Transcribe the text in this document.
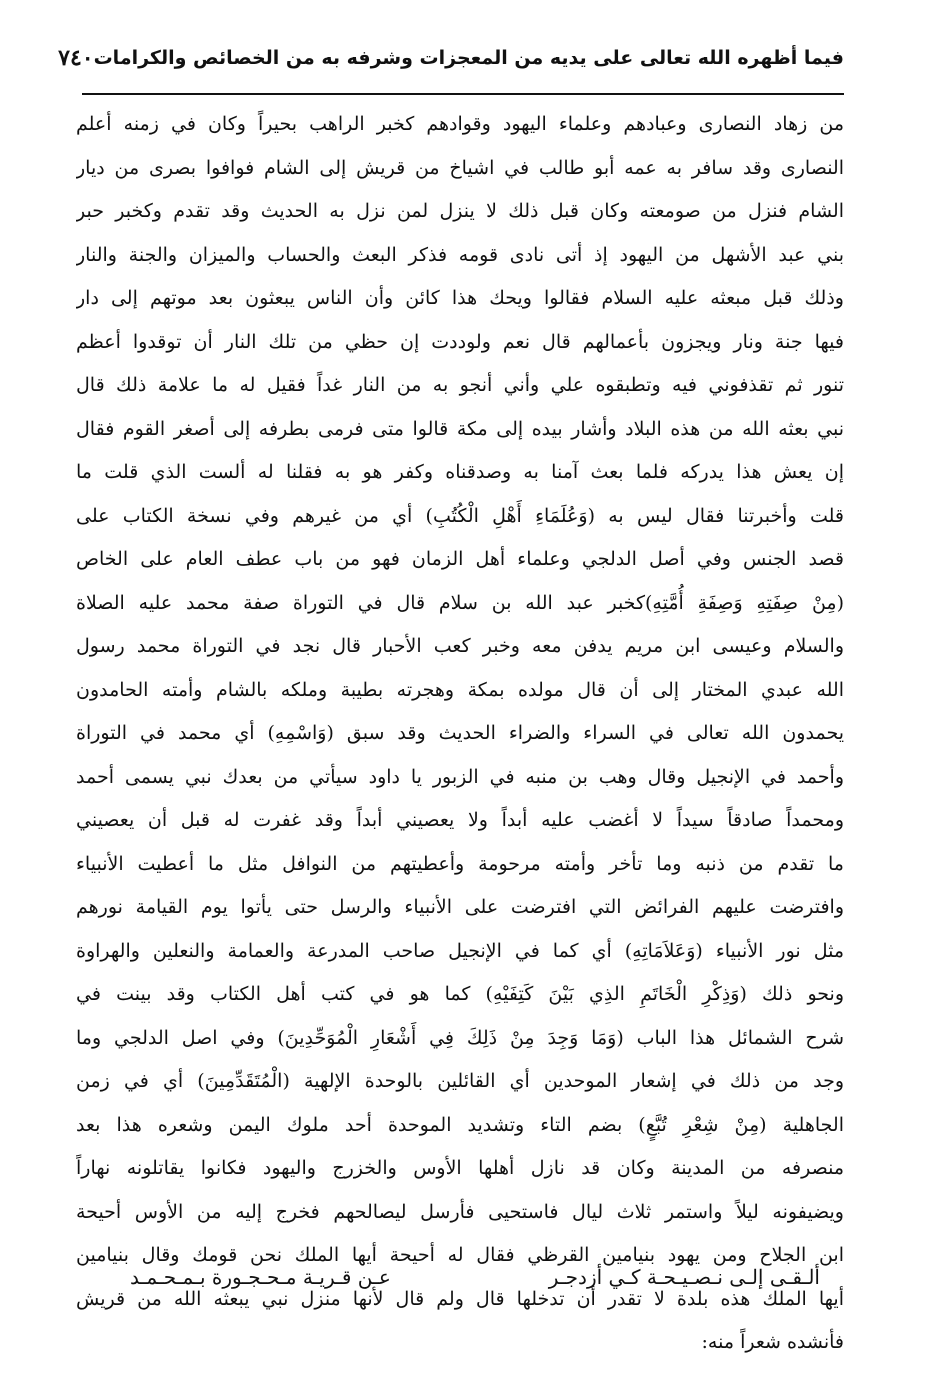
فيما أظهره الله تعالى على يديه من المعجزات وشرفه به من الخصائص والكرامات
٧٤٠
من زهاد النصارى وعبادهم وعلماء اليهود وقوادهم كخبر الراهب بحيراً وكان في زمنه أعلم
النصارى وقد سافر به عمه أبو طالب في اشياخ من قريش إلى الشام فوافوا بصرى من ديار
الشام فنزل من صومعته وكان قبل ذلك لا ينزل لمن نزل به الحديث وقد تقدم وكخبر حبر
بني عبد الأشهل من اليهود إذ أتى نادى قومه فذكر البعث والحساب والميزان والجنة والنار
وذلك قبل مبعثه عليه السلام فقالوا ويحك هذا كائن وأن الناس يبعثون بعد موتهم إلى دار
فيها جنة ونار ويجزون بأعمالهم قال نعم ولوددت إن حظي من تلك النار أن توقدوا أعظم
تنور ثم تقذفوني فيه وتطبقوه علي وأني أنجو به من النار غداً فقيل له ما علامة ذلك قال
نبي بعثه الله من هذه البلاد وأشار بيده إلى مكة قالوا متى فرمى بطرفه إلى أصغر القوم فقال
إن يعش هذا يدركه فلما بعث آمنا به وصدقناه وكفر هو به فقلنا له ألست الذي قلت ما
قلت وأخبرتنا فقال ليس به (وَعُلَمَاءِ أَهْلِ الْكُتُبِ) أي من غيرهم وفي نسخة الكتاب على
قصد الجنس وفي أصل الدلجي وعلماء أهل الزمان فهو من باب عطف العام على الخاص
(مِنْ صِفَتِهِ وَصِفَةِ أُمَّتِهِ)كخبر عبد الله بن سلام قال في التوراة صفة محمد عليه الصلاة
والسلام وعيسى ابن مريم يدفن معه وخبر كعب الأحبار قال نجد في التوراة محمد رسول
الله عبدي المختار إلى أن قال مولده بمكة وهجرته بطيبة وملكه بالشام وأمته الحامدون
يحمدون الله تعالى في السراء والضراء الحديث وقد سبق (وَاسْمِهِ) أي محمد في التوراة
وأحمد في الإنجيل وقال وهب بن منبه في الزبور يا داود سيأتي من بعدك نبي يسمى أحمد
ومحمداً صادقاً سيداً لا أغضب عليه أبداً ولا يعصيني أبداً وقد غفرت له قبل أن يعصيني
ما تقدم من ذنبه وما تأخر وأمته مرحومة وأعطيتهم من النوافل مثل ما أعطيت الأنبياء
وافترضت عليهم الفرائض التي افترضت على الأنبياء والرسل حتى يأتوا يوم القيامة نورهم
مثل نور الأنبياء (وَعَلاَمَاتِهِ) أي كما في الإنجيل صاحب المدرعة والعمامة والنعلين والهراوة
ونحو ذلك (وَذِكْرِ الْخَاتَمِ الذِي بَيْنَ كَتِفَيْهِ) كما هو في كتب أهل الكتاب وقد بينت في
شرح الشمائل هذا الباب (وَمَا وَجِدَ مِنْ ذَلِكَ فِي أَشْعَارِ الْمُوَحِّدِينَ) وفي اصل الدلجي وما
وجد من ذلك في إشعار الموحدين أي القائلين بالوحدة الإلهية (الْمُتَقَدِّمِينَ) أي في زمن
الجاهلية (مِنْ شِعْرِ تُبَّعٍ) بضم التاء وتشديد الموحدة أحد ملوك اليمن وشعره هذا بعد
منصرفه من المدينة وكان قد نازل أهلها الأوس والخزرج واليهود فكانوا يقاتلونه نهاراً
ويضيفونه ليلاً واستمر ثلاث ليال فاستحيى فأرسل ليصالحهم فخرج إليه من الأوس أحيحة
ابن الجلاح ومن يهود بنيامين القرظي فقال له أحيحة أيها الملك نحن قومك وقال بنيامين
أيها الملك هذه بلدة لا تقدر أن تدخلها قال ولم قال لأنها منزل نبي يبعثه الله من قريش
فأنشده شعراً منه:
ألـقـى إلـى نـصـيـحـة كـي أزدجـر
عـن قـريـة مـحـجـورة بـمـحـمـد
